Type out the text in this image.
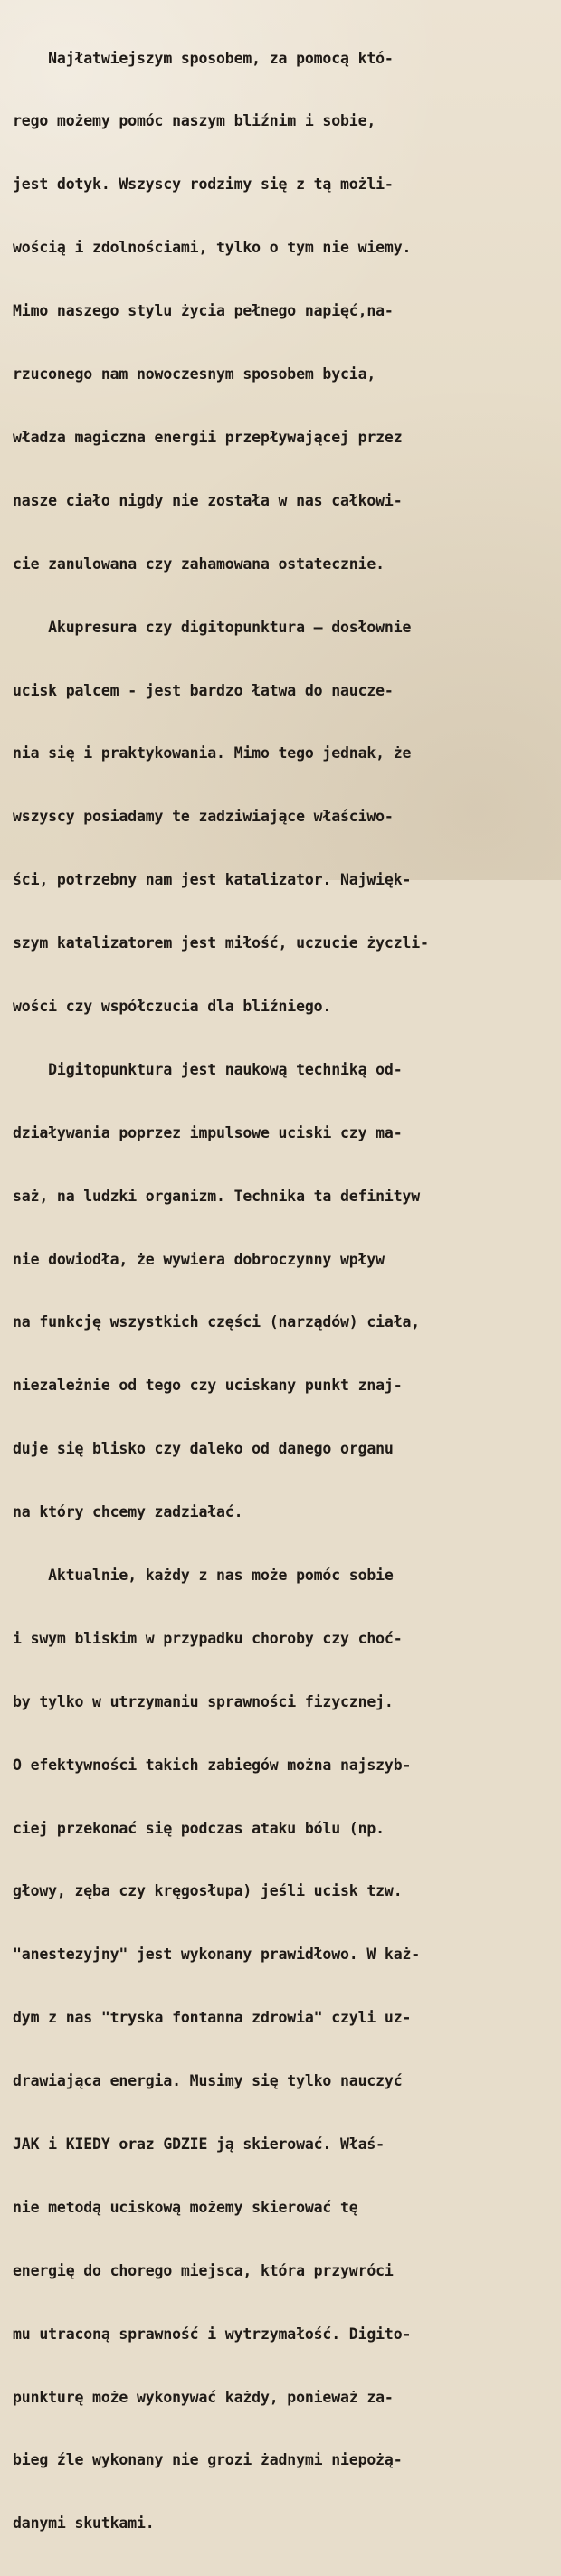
Najłatwiejszym sposobem, za pomocą któ-

rego możemy pomóc naszym bliźnim i sobie,

jest dotyk. Wszyscy rodzimy się z tą możli-

wością i zdolnościami, tylko o tym nie wiemy.

Mimo naszego stylu życia pełnego napięć,na-

rzuconego nam nowoczesnym sposobem bycia,

władza magiczna energii przepływającej przez

nasze ciało nigdy nie została w nas całkowi-

cie zanulowana czy zahamowana ostatecznie.

Akupresura czy digitopunktura – dosłownie

ucisk palcem - jest bardzo łatwa do naucze-

nia się i praktykowania. Mimo tego jednak, że

wszyscy posiadamy te zadziwiające właściwo-

ści, potrzebny nam jest katalizator. Najwięk-

szym katalizatorem jest miłość, uczucie życzli-

wości czy współczucia dla bliźniego.

Digitopunktura jest naukową techniką od-

działywania poprzez impulsowe uciski czy ma-

saż, na ludzki organizm. Technika ta definityw

nie dowiodła, że wywiera dobroczynny wpływ

na funkcję wszystkich części (narządów) ciała,

niezależnie od tego czy uciskany punkt znaj-

duje się blisko czy daleko od danego organu

na który chcemy zadziałać.

Aktualnie, każdy z nas może pomóc sobie

i swym bliskim w przypadku choroby czy choć-

by tylko w utrzymaniu sprawności fizycznej.

O efektywności takich zabiegów można najszyb-

ciej przekonać się podczas ataku bólu (np.

głowy, zęba czy kręgosłupa) jeśli ucisk tzw.

"anestezyjny" jest wykonany prawidłowo. W każ-

dym z nas "tryska fontanna zdrowia" czyli uz-

drawiająca energia. Musimy się tylko nauczyć

JAK i KIEDY oraz GDZIE ją skierować. Właś-

nie metodą uciskową możemy skierować tę

energię do chorego miejsca, która przywróci

mu utraconą sprawność i wytrzymałość. Digito-

punkturę może wykonywać każdy, ponieważ za-

bieg źle wykonany nie grozi żadnymi niepożą-

danymi skutkami.
